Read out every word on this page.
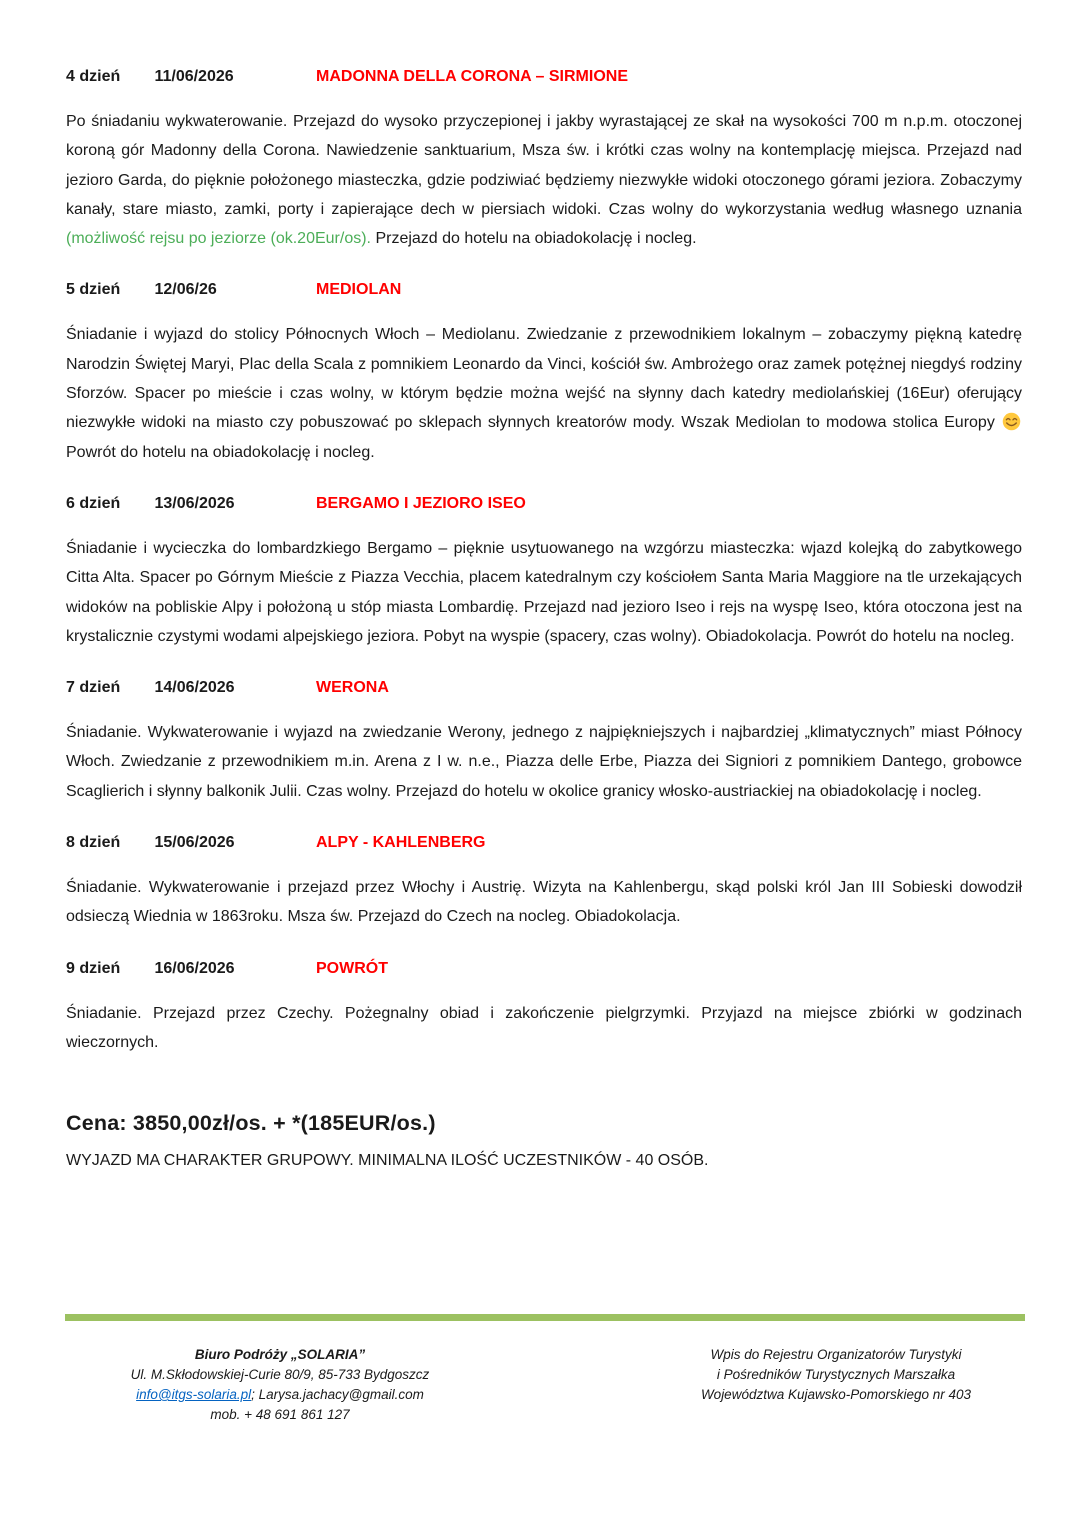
4 dzień 11/06/2026	MADONNA DELLA CORONA – SIRMIONE

Po śniadaniu wykwaterowanie. Przejazd do wysoko przyczepionej i jakby wyrastającej ze skał na wysokości 700 m n.p.m. otoczonej koroną gór Madonny della Corona. Nawiedzenie sanktuarium, Msza św. i krótki czas wolny na kontemplację miejsca. Przejazd nad jezioro Garda, do pięknie położonego miasteczka, gdzie podziwiać będziemy niezwykłe widoki otoczonego górami jeziora. Zobaczymy kanały, stare miasto, zamki, porty i zapierające dech w piersiach widoki. Czas wolny do wykorzystania według własnego uznania (możliwość rejsu po jeziorze (ok.20Eur/os). Przejazd do hotelu na obiadokolację i nocleg.

5 dzień 12/06/26	MEDIOLAN

Śniadanie i wyjazd do stolicy Północnych Włoch – Mediolanu. Zwiedzanie z przewodnikiem lokalnym – zobaczymy piękną katedrę Narodzin Świętej Maryi, Plac della Scala z pomnikiem Leonardo da Vinci, kościół św. Ambrożego oraz zamek potężnej niegdyś rodziny Sforzów. Spacer po mieście i czas wolny, w którym będzie można wejść na słynny dach katedry mediolańskiej (16Eur) oferujący niezwykłe widoki na miasto czy pobuszować po sklepach słynnych kreatorów mody. Wszak Mediolan to modowa stolica Europy  Powrót do hotelu na obiadokolację i nocleg.

6 dzień 13/06/2026	BERGAMO I JEZIORO ISEO

Śniadanie i wycieczka do lombardzkiego Bergamo – pięknie usytuowanego na wzgórzu miasteczka: wjazd kolejką do zabytkowego Citta Alta. Spacer po Górnym Mieście z Piazza Vecchia, placem katedralnym czy kościołem Santa Maria Maggiore na tle urzekających widoków na pobliskie Alpy i położoną u stóp miasta Lombardię. Przejazd nad jezioro Iseo i rejs na wyspę Iseo, która otoczona jest na krystalicznie czystymi wodami alpejskiego jeziora. Pobyt na wyspie (spacery, czas wolny). Obiadokolacja. Powrót do hotelu na nocleg.

7 dzień 14/06/2026	WERONA

Śniadanie. Wykwaterowanie i wyjazd na zwiedzanie Werony, jednego z najpiękniejszych i najbardziej „klimatycznych” miast Północy Włoch. Zwiedzanie z przewodnikiem m.in. Arena z I w. n.e., Piazza delle Erbe, Piazza dei Signiori z pomnikiem Dantego, grobowce Scaglierich i słynny balkonik Julii. Czas wolny. Przejazd do hotelu w okolice granicy włosko-austriackiej na obiadokolację i nocleg.

8 dzień 15/06/2026	ALPY - KAHLENBERG

Śniadanie. Wykwaterowanie i przejazd przez Włochy i Austrię. Wizyta na Kahlenbergu, skąd polski król Jan III Sobieski dowodził odsieczą Wiednia w 1863roku. Msza św. Przejazd do Czech na nocleg. Obiadokolacja.

9 dzień 16/06/2026	POWRÓT

Śniadanie. Przejazd przez Czechy. Pożegnalny obiad i zakończenie pielgrzymki. Przyjazd na miejsce zbiórki w godzinach wieczornych.

Cena: 3850,00zł/os. + *(185EUR/os.)
WYJAZD MA CHARAKTER GRUPOWY. MINIMALNA ILOŚĆ UCZESTNIKÓW - 40 OSÓB.
Biuro Podróży „SOLARIA”
Ul. M.Skłodowskiej-Curie 80/9, 85-733 Bydgoszcz
info@itgs-solaria.pl; Larysa.jachacy@gmail.com
mob. + 48 691 861 127
Wpis do Rejestru Organizatorów Turystyki
i Pośredników Turystycznych Marszałka
Województwa Kujawsko-Pomorskiego nr 403
